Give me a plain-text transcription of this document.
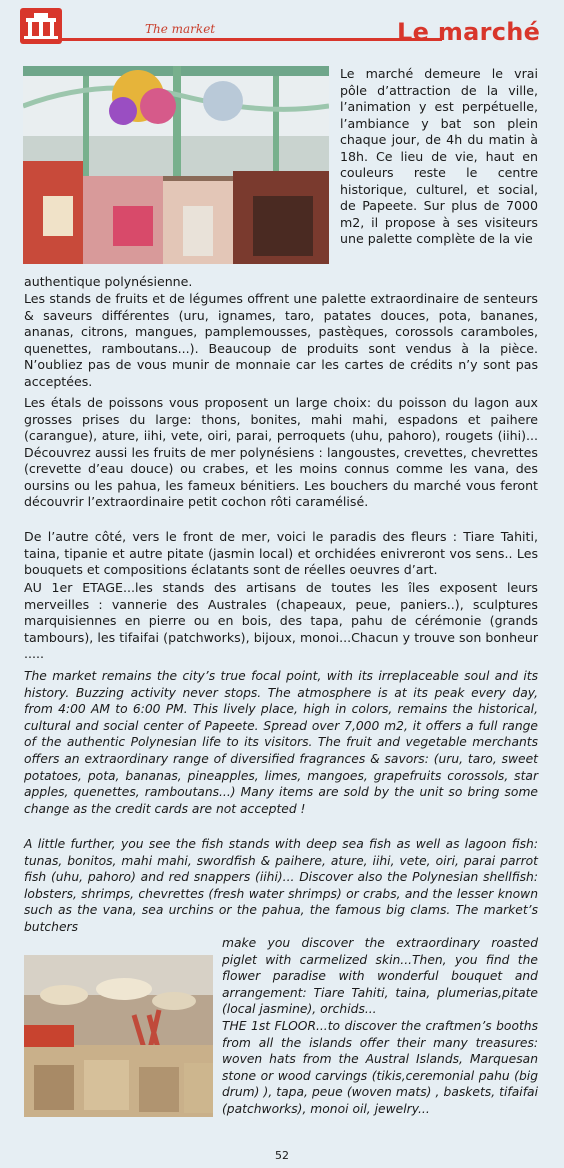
The market	Le marché

Le marché demeure le vrai pôle d’attraction de la ville, l’animation y est perpétuelle, l’ambiance y bat son plein chaque jour, de 4h du matin à 18h. Ce lieu de vie, haut en couleurs reste le centre historique, culturel, et social, de Papeete. Sur plus de 7000 m2, il propose à ses visiteurs une palette complète de la vie

authentique polynésienne.

Les stands de fruits et de légumes offrent une palette extraordinaire de senteurs & saveurs différentes (uru, ignames, taro, patates douces, pota, bananes, ananas, citrons, mangues, pamplemousses, pastèques, corossols caramboles, quenettes, ramboutans...). Beaucoup de produits sont vendus à la pièce. N’oubliez pas de vous munir de monnaie car les cartes de crédits n’y sont pas acceptées.

Les étals de poissons vous proposent un large choix: du poisson du lagon aux grosses prises du large: thons, bonites, mahi mahi, espadons et paihere (carangue), ature, iihi, vete, oiri, parai, perroquets (uhu, pahoro), rougets (iihi)... Découvrez aussi les fruits de mer polynésiens : langoustes, crevettes, chevrettes (crevette d’eau douce) ou crabes, et les moins connus comme les vana, des oursins ou les pahua, les fameux bénitiers. Les bouchers du marché vous feront découvrir l’extraordinaire petit cochon rôti caramélisé.

De l’autre côté, vers le front de mer, voici le paradis des fleurs : Tiare Tahiti, taina, tipanie et autre pitate (jasmin local) et orchidées enivreront vos sens.. Les bouquets et compositions éclatants sont de réelles oeuvres d’art.

AU 1er ETAGE...les stands des artisans de toutes les îles exposent leurs merveilles : vannerie des Australes (chapeaux, peue, paniers..), sculptures marquisiennes en pierre ou en bois, des tapa, pahu de cérémonie (grands tambours), les tifaifai (patchworks), bijoux, monoi...Chacun y trouve son bonheur .....

The market remains the city’s true focal point, with its irreplaceable soul and its history. Buzzing activity never stops. The atmosphere is at its peak every day, from 4:00 AM to 6:00 PM. This lively place, high in colors, remains the historical, cultural and social center of Papeete. Spread over 7,000 m2, it offers a full range of the authentic Polynesian life to its visitors. The fruit and vegetable merchants offers an extraordinary range of diversified fragrances & savors: (uru, taro, sweet potatoes, pota, bananas, pineapples, limes, mangoes, grapefruits corossols, star apples, quenettes, ramboutans...) Many items are sold by the unit so bring some change as the credit cards are not accepted !

A little further, you see the fish stands with deep sea fish as well as lagoon fish: tunas, bonitos, mahi mahi, swordfish & paihere, ature, iihi, vete, oiri, parai parrot fish (uhu, pahoro) and red snappers (iihi)... Discover also the Polynesian shellfish: lobsters, shrimps, chevrettes (fresh water shrimps) or crabs, and the lesser known such as the vana, sea urchins or the pahua, the famous big clams. The market’s butchers

make you discover the extraordinary roasted piglet with carmelized skin...Then, you find the flower paradise with wonderful bouquet and arrangement: Tiare Tahiti, taina, plumerias,pitate (local jasmine), orchids...

THE 1st FLOOR...to discover the craftmen’s booths from all the islands offer their many treasures: woven hats from the Austral Islands, Marquesan stone or wood carvings (tikis,ceremonial pahu (big drum) ), tapa, peue (woven mats) , baskets, tifaifai (patchworks), monoi oil, jewelry...

52
